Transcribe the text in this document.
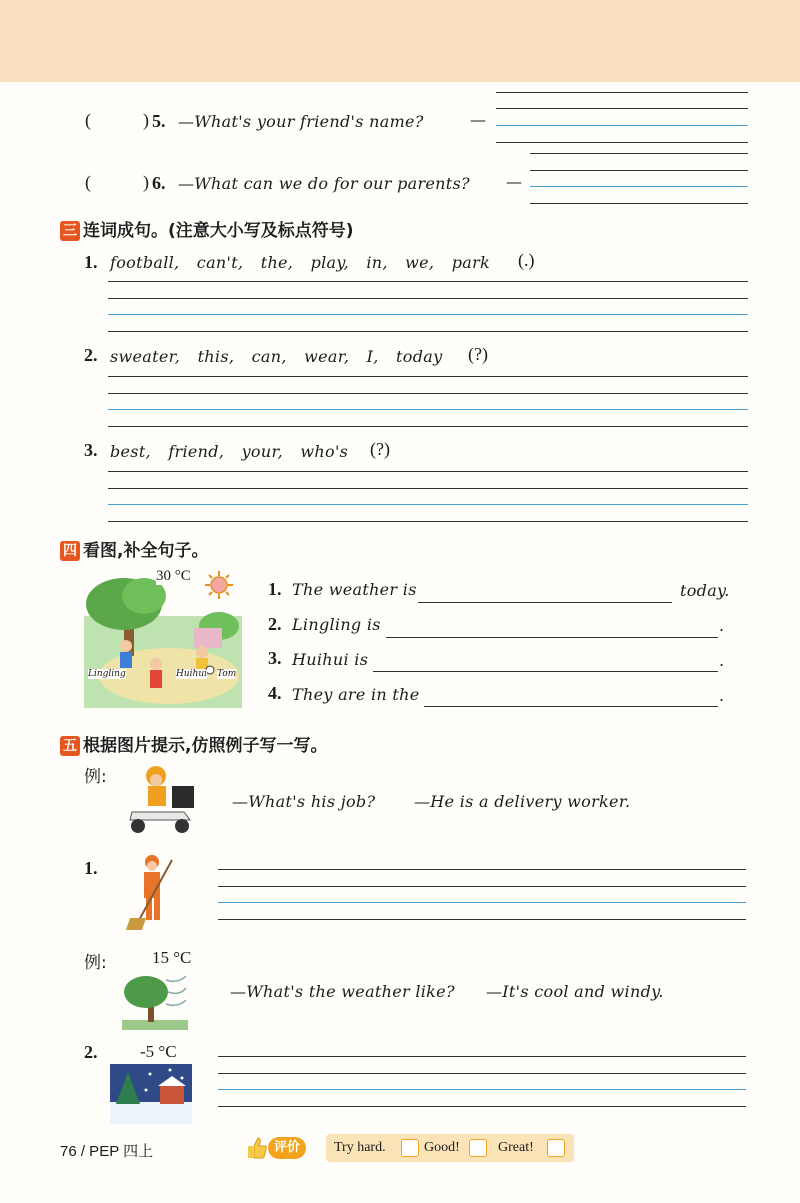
(	) 5. —What's your friend's name?	—
(	) 6. —What can we do for our parents? —
三 连词成句。(注意大小写及标点符号)
1. football, can't, the, play, in, we, park (.)
2. sweater, this, can, wear, I, today (?)
3. best, friend, your, who's (?)
四 看图,补全句子。
Lingling	Huihui Tom
30 °C
1. The weather is	today.
2. Lingling is	.
3. Huihui is	.
4. They are in the	.
五 根据图片提示,仿照例子写一写。
例:
—What's his job? —He is a delivery worker.
1.
例:	15 °C
—What's the weather like? —It's cool and windy.
2.	-5 °C
76 / PEP 四上	评价	Try hard.	Good!	Great!
